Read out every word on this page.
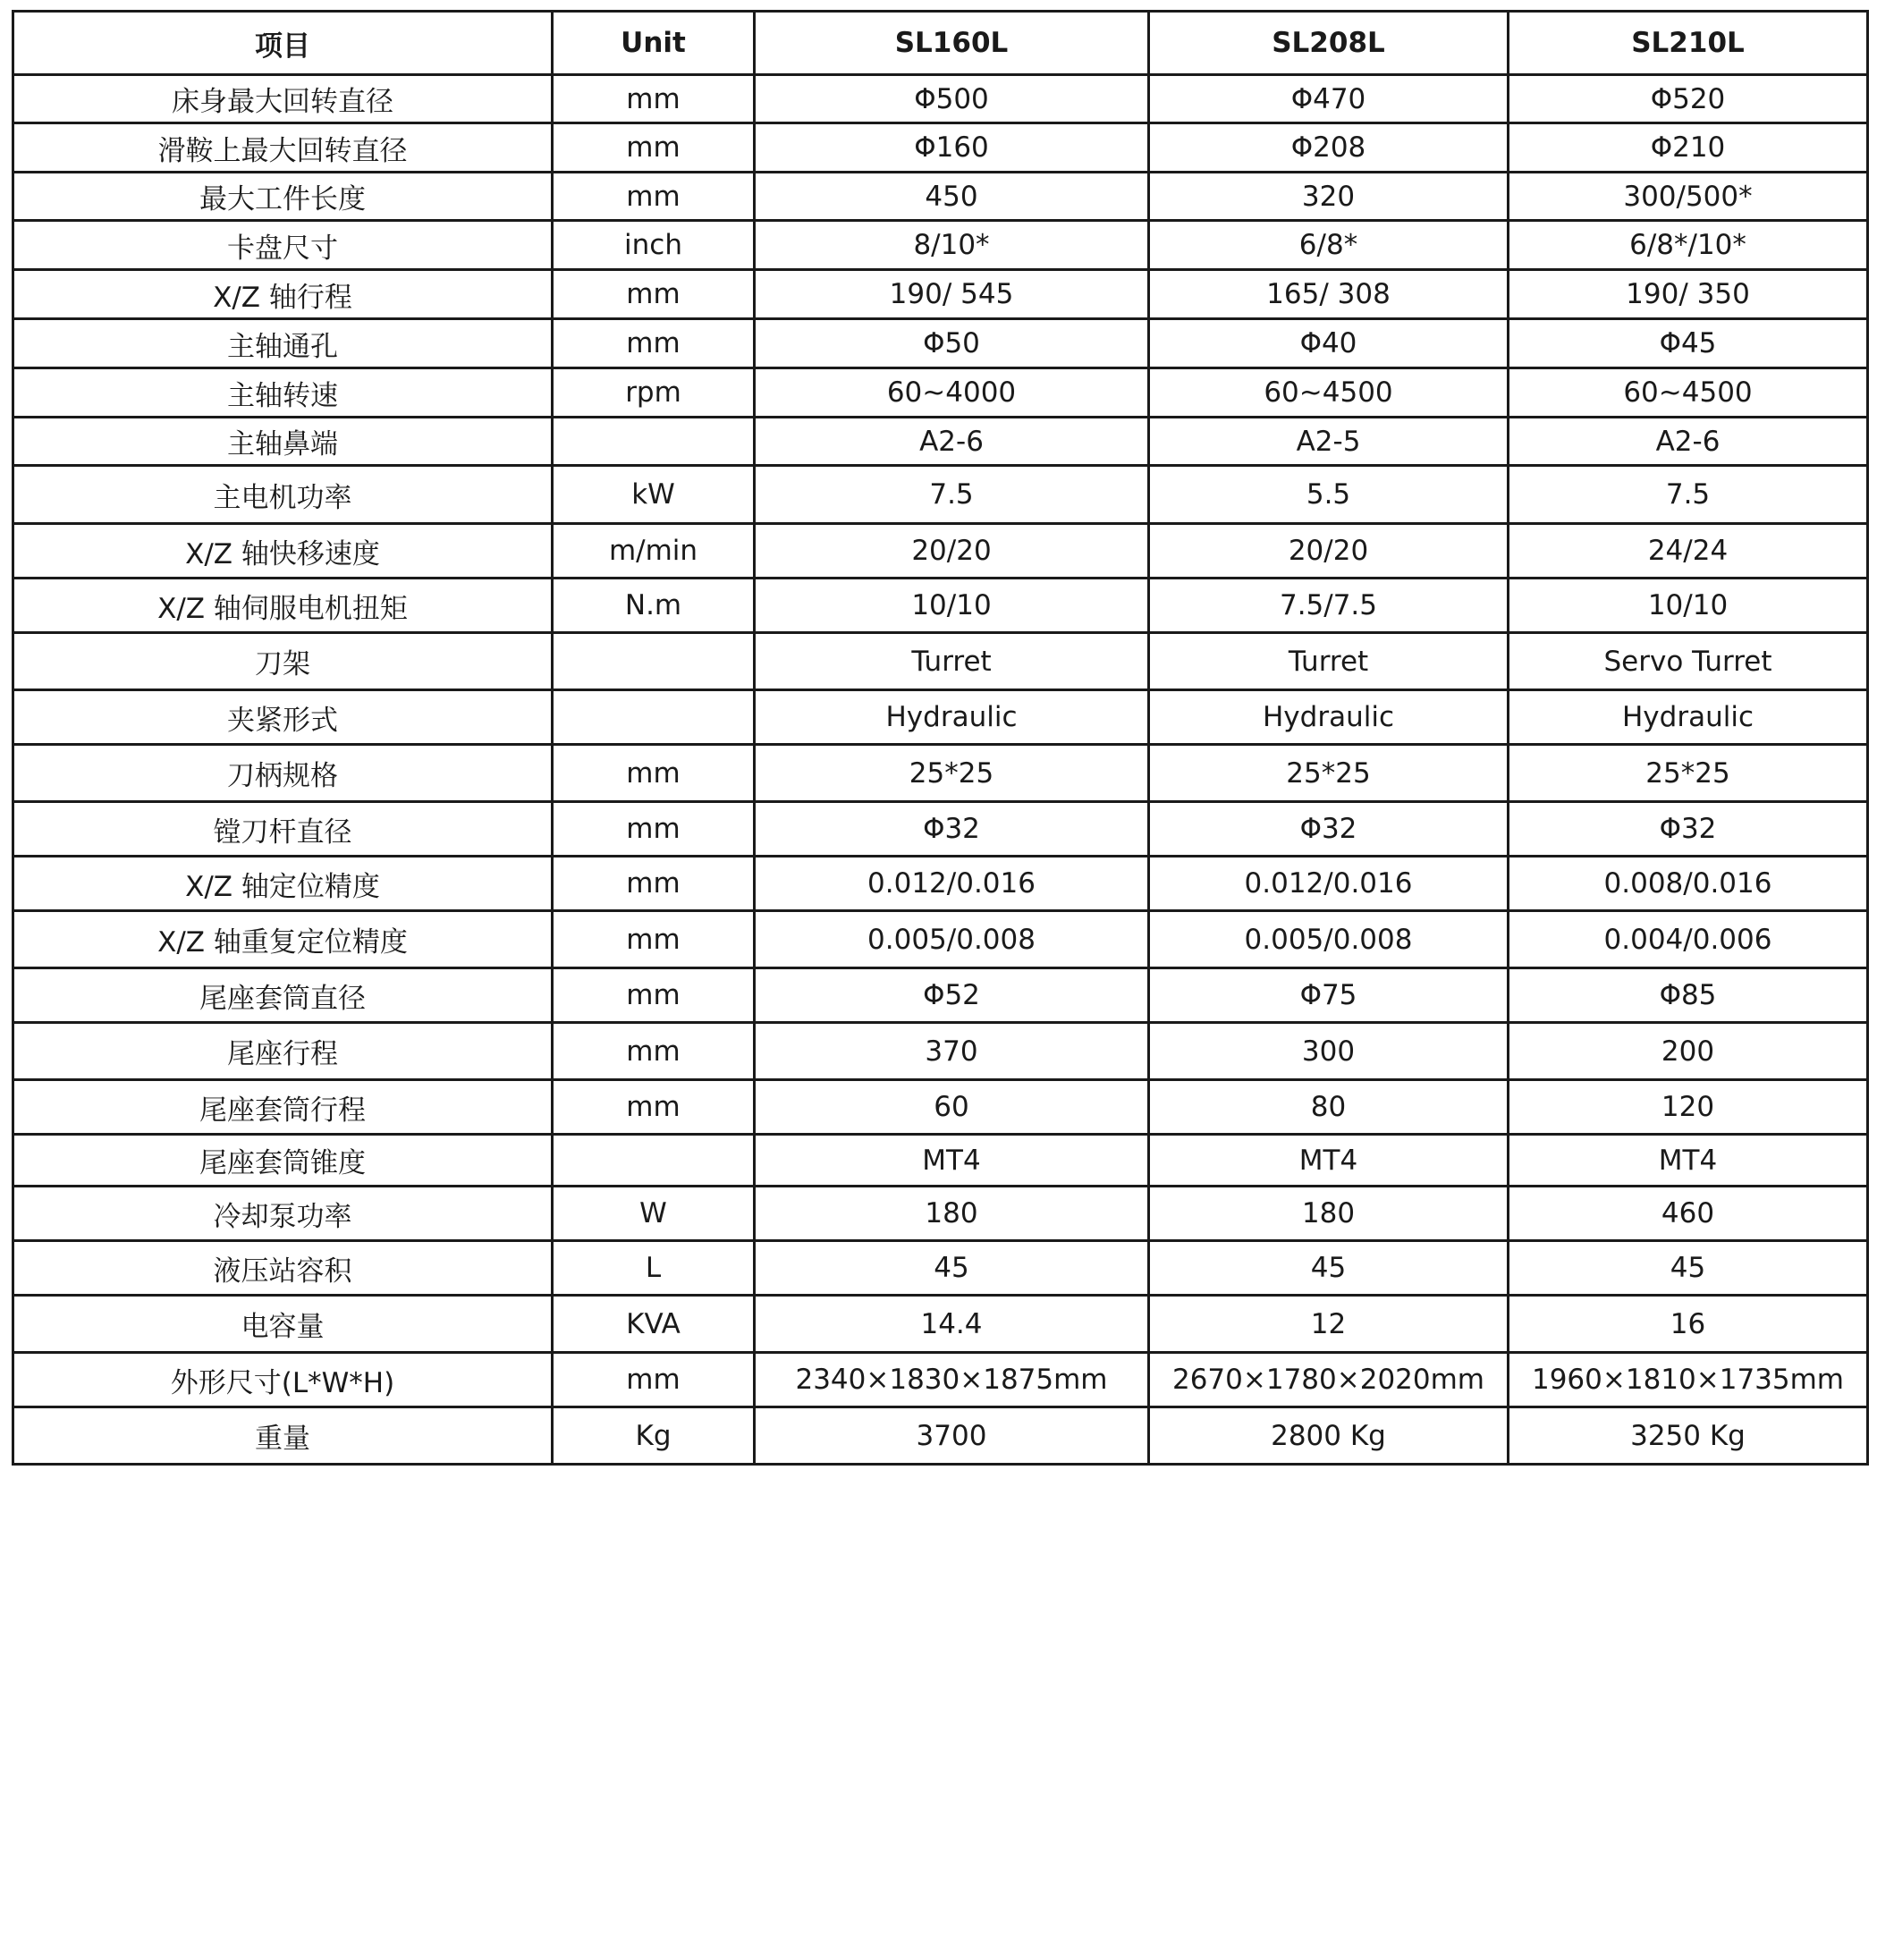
项目	Unit	SL160L	SL208L	SL210L
床身最大回转直径	mm	Φ500	Φ470	Φ520
滑鞍上最大回转直径	mm	Φ160	Φ208	Φ210
最大工件长度	mm	450	320	300/500*
卡盘尺寸	inch	8/10*	6/8*	6/8*/10*
X/Z 轴行程	mm	190/ 545	165/ 308	190/ 350
主轴通孔	mm	Φ50	Φ40	Φ45
主轴转速	rpm	60~4000	60~4500	60~4500
主轴鼻端		A2-6	A2-5	A2-6
主电机功率	kW	7.5	5.5	7.5
X/Z 轴快移速度	m/min	20/20	20/20	24/24
X/Z 轴伺服电机扭矩	N.m	10/10	7.5/7.5	10/10
刀架		Turret	Turret	Servo Turret
夹紧形式		Hydraulic	Hydraulic	Hydraulic
刀柄规格	mm	25*25	25*25	25*25
镗刀杆直径	mm	Φ32	Φ32	Φ32
X/Z 轴定位精度	mm	0.012/0.016	0.012/0.016	0.008/0.016
X/Z 轴重复定位精度	mm	0.005/0.008	0.005/0.008	0.004/0.006
尾座套筒直径	mm	Φ52	Φ75	Φ85
尾座行程	mm	370	300	200
尾座套筒行程	mm	60	80	120
尾座套筒锥度		MT4	MT4	MT4
冷却泵功率	W	180	180	460
液压站容积	L	45	45	45
电容量	KVA	14.4	12	16
外形尺寸(L*W*H)	mm	2340×1830×1875mm	2670×1780×2020mm	1960×1810×1735mm
重量	Kg	3700	2800 Kg	3250 Kg
